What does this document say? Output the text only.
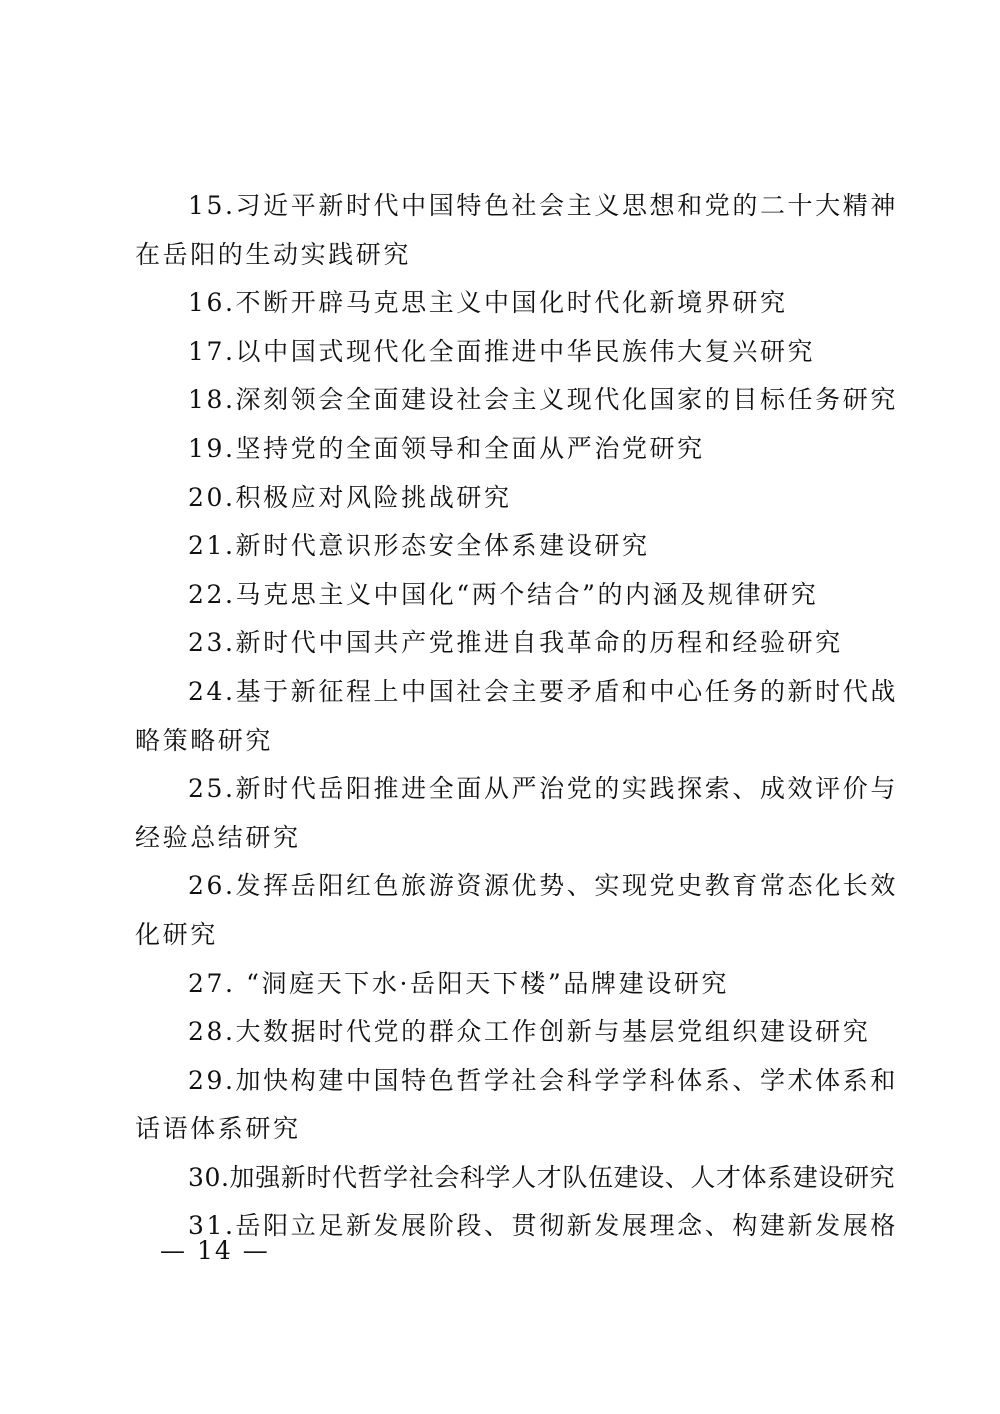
15.习近平新时代中国特色社会主义思想和党的二十大精神
在岳阳的生动实践研究

16.不断开辟马克思主义中国化时代化新境界研究

17.以中国式现代化全面推进中华民族伟大复兴研究

18.深刻领会全面建设社会主义现代化国家的目标任务研究

19.坚持党的全面领导和全面从严治党研究

20.积极应对风险挑战研究

21.新时代意识形态安全体系建设研究

22.马克思主义中国化“两个结合”的内涵及规律研究

23.新时代中国共产党推进自我革命的历程和经验研究

24.基于新征程上中国社会主要矛盾和中心任务的新时代战
略策略研究

25.新时代岳阳推进全面从严治党的实践探索、成效评价与
经验总结研究

26.发挥岳阳红色旅游资源优势、实现党史教育常态化长效
化研究

27. “洞庭天下水·岳阳天下楼”品牌建设研究

28.大数据时代党的群众工作创新与基层党组织建设研究

29.加快构建中国特色哲学社会科学学科体系、学术体系和
话语体系研究

30.加强新时代哲学社会科学人才队伍建设、人才体系建设研究

31.岳阳立足新发展阶段、贯彻新发展理念、构建新发展格

— 14 —
